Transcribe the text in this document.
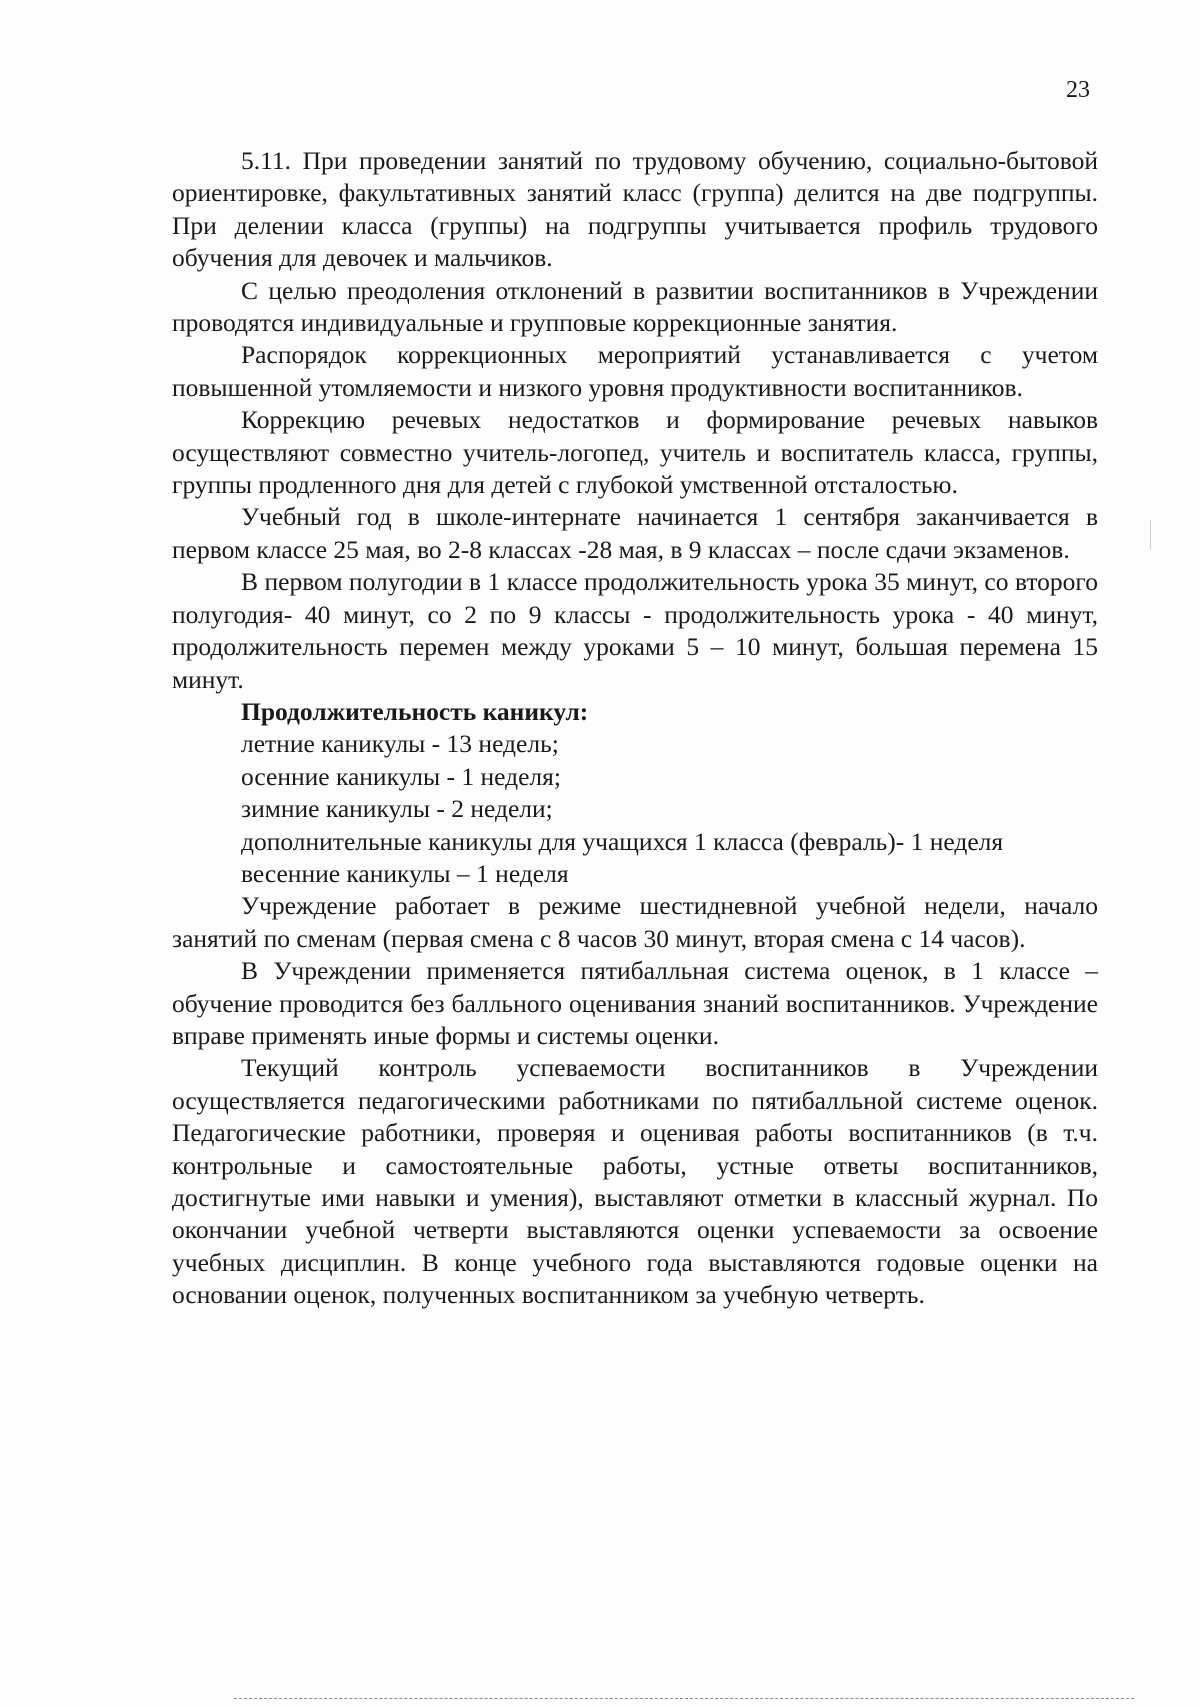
23

5.11. При проведении занятий по трудовому обучению, социально-бытовой ориентировке, факультативных занятий класс (группа) делится на две подгруппы. При делении класса (группы) на подгруппы учитывается профиль трудового обучения для девочек и мальчиков.

С целью преодоления отклонений в развитии воспитанников в Учреждении проводятся индивидуальные и групповые коррекционные занятия.

Распорядок коррекционных мероприятий устанавливается с учетом повышенной утомляемости и низкого уровня продуктивности воспитанников.

Коррекцию речевых недостатков и формирование речевых навыков осуществляют совместно учитель-логопед, учитель и воспитатель класса, группы, группы продленного дня для детей с глубокой умственной отсталостью.

Учебный год в школе-интернате начинается 1 сентября заканчивается в первом классе 25 мая, во 2-8 классах -28 мая, в 9 классах – после сдачи экзаменов.

В первом полугодии в 1 классе продолжительность урока 35 минут, со второго полугодия- 40 минут, со 2 по 9 классы - продолжительность урока - 40 минут, продолжительность перемен между уроками 5 – 10 минут, большая перемена 15 минут.

Продолжительность каникул:

летние каникулы - 13 недель;

осенние каникулы - 1 неделя;

зимние каникулы - 2 недели;

дополнительные каникулы для учащихся 1 класса (февраль)- 1 неделя

весенние каникулы – 1 неделя

Учреждение работает в режиме шестидневной учебной недели, начало занятий по сменам (первая смена с 8 часов 30 минут, вторая смена с 14 часов).

В Учреждении применяется пятибалльная система оценок, в 1 классе – обучение проводится без балльного оценивания знаний воспитанников. Учреждение вправе применять иные формы и системы оценки.

Текущий контроль успеваемости воспитанников в Учреждении осуществляется педагогическими работниками по пятибалльной системе оценок. Педагогические работники, проверяя и оценивая работы воспитанников (в т.ч. контрольные и самостоятельные работы, устные ответы воспитанников, достигнутые ими навыки и умения), выставляют отметки в классный журнал. По окончании учебной четверти выставляются оценки успеваемости за освоение учебных дисциплин. В конце учебного года выставляются годовые оценки на основании оценок, полученных воспитанником за учебную четверть.
